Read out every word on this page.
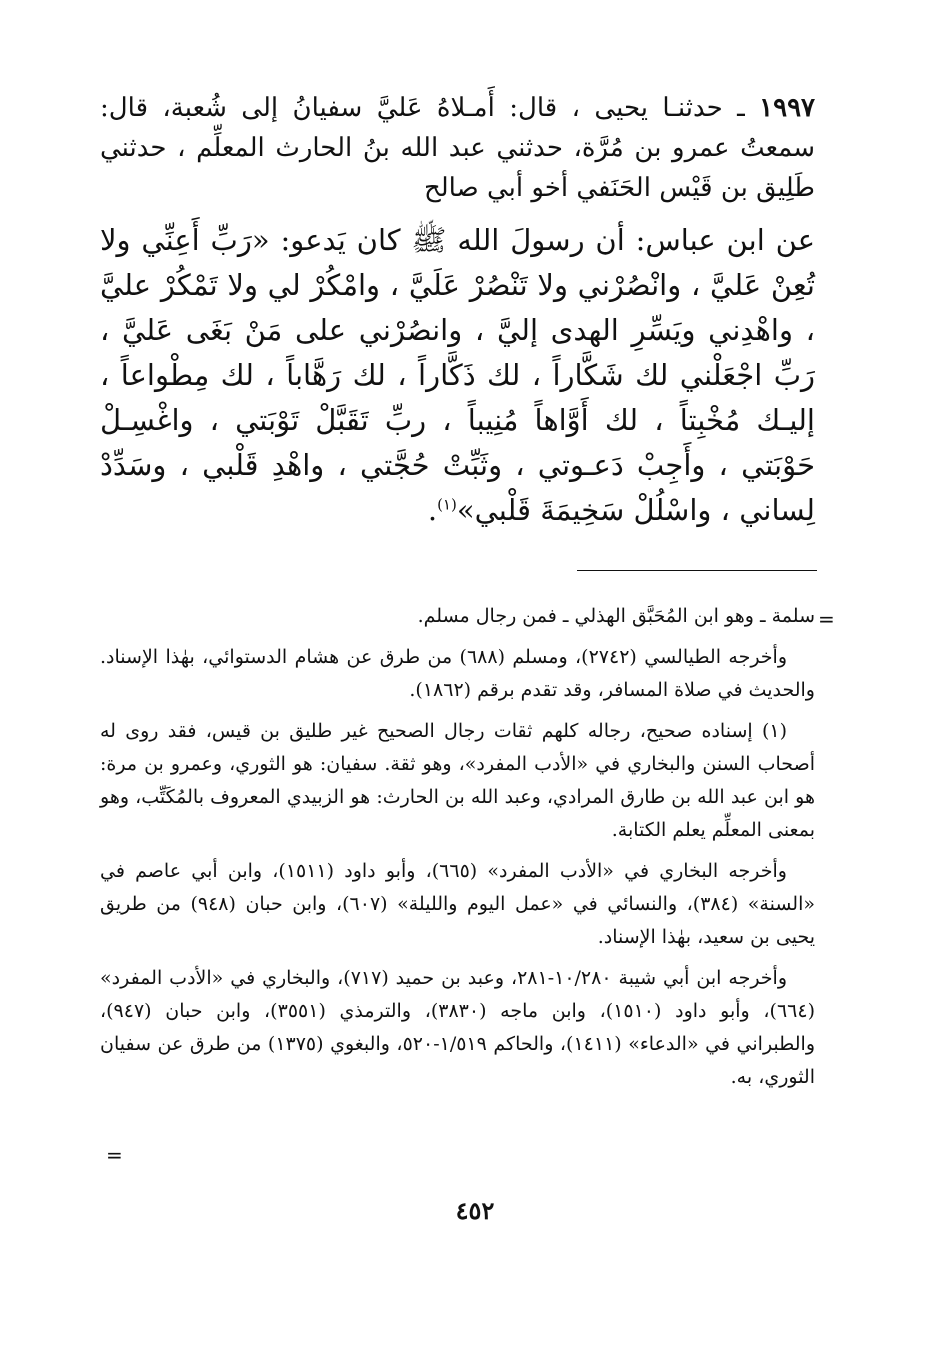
١٩٩٧ ـ حدثنـا يحيى ، قال: أَمـلاهُ عَليَّ سفيانُ إلى شُعبة، قال: سمعتُ عمرو بن مُرَّة، حدثني عبد الله بنُ الحارث المعلِّم ، حدثني طَلِيق بن قَيْس الحَنَفي أخو أبي صالح

عن ابن عباس: أن رسولَ الله ﷺ كان يَدعو: «رَبِّ أَعِنِّي ولا تُعِنْ عَليَّ ، وانْصُرْني ولا تَنْصُرْ عَلَيَّ ، وامْكُرْ لي ولا تَمْكُرْ عليَّ ، واهْدِني ويَسِّرِ الهدى إليَّ ، وانصُرْني على مَنْ بَغَى عَليَّ ، رَبِّ اجْعَلْني لك شَكَّاراً ، لك ذَكَّاراً ، لك رَهَّاباً ، لك مِطْواعاً ، إليـك مُخْبِتاً ، لك أَوَّاهاً مُنِيباً ، ربِّ تَقَبَّلْ تَوْبَتي ، واغْسِـلْ حَوْبَتي ، وأَجِبْ دَعـوتي ، وثَبِّتْ حُجَّتي ، واهْدِ قَلْبي ، وسَدِّدْ لِساني ، واسْلُلْ سَخِيمَةَ قَلْبي»$^{(١)}$.

=

سلمة ـ وهو ابن المُحَبَّق الهذلي ـ فمن رجال مسلم.

وأخرجه الطيالسي (٢٧٤٢)، ومسلم (٦٨٨) من طرق عن هشام الدستوائي، بهٰذا الإسناد. والحديث في صلاة المسافر، وقد تقدم برقم (١٨٦٢).

(١) إسناده صحيح، رجاله كلهم ثقات رجال الصحيح غير طليق بن قيس، فقد روى له أصحاب السنن والبخاري في «الأدب المفرد»، وهو ثقة. سفيان: هو الثوري، وعمرو بن مرة: هو ابن عبد الله بن طارق المرادي، وعبد الله بن الحارث: هو الزبيدي المعروف بالمُكَتِّب، وهو بمعنى المعلِّم يعلم الكتابة.

وأخرجه البخاري في «الأدب المفرد» (٦٦٥)، وأبو داود (١٥١١)، وابن أبي عاصم في «السنة» (٣٨٤)، والنسائي في «عمل اليوم والليلة» (٦٠٧)، وابن حبان (٩٤٨) من طريق يحيى بن سعيد، بهٰذا الإسناد.

وأخرجه ابن أبي شيبة ١٠/٢٨٠-٢٨١، وعبد بن حميد (٧١٧)، والبخاري في «الأدب المفرد» (٦٦٤)، وأبو داود (١٥١٠)، وابن ماجه (٣٨٣٠)، والترمذي (٣٥٥١)، وابن حبان (٩٤٧)، والطبراني في «الدعاء» (١٤١١)، والحاكم ١/٥١٩-٥٢٠، والبغوي (١٣٧٥) من طرق عن سفيان الثوري، به.

=
٤٥٢
